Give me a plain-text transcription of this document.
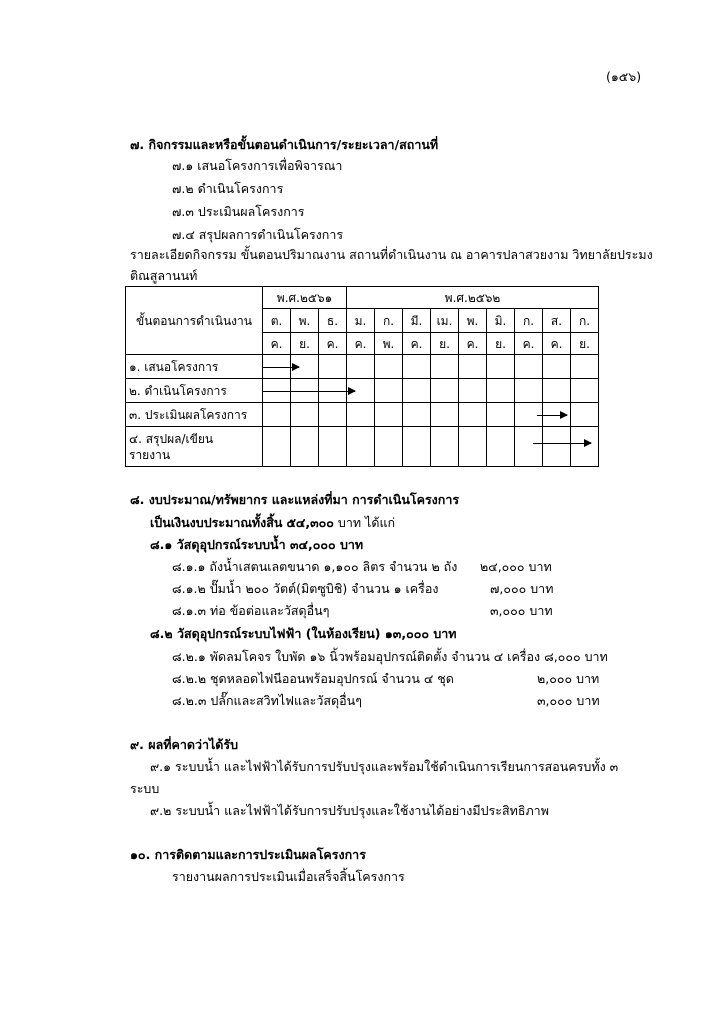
(๑๕๖)
๗. กิจกรรมและหรือขั้นตอนดำเนินการ/ระยะเวลา/สถานที่
๗.๑ เสนอโครงการเพื่อพิจารณา
๗.๒ ดำเนินโครงการ
๗.๓ ประเมินผลโครงการ
๗.๔ สรุปผลการดำเนินโครงการ
รายละเอียดกิจกรรม ขั้นตอนปริมาณงาน สถานที่ดำเนินงาน ณ อาคารปลาสวยงาม วิทยาลัยประมง
ติณสูลานนท์
ขั้นตอนการดำเนินงาน	พ.ศ.๒๕๖๑			พ.ศ.๒๕๖๒								
	ต.	พ.	ธ.	ม.	ก.	มี.	เม.	พ.	มิ.	ก.	ส.	ก.
	ค.	ย.	ค.	ค.	พ.	ค.	ย.	ค.	ย.	ค.	ค.	ย.
๑. เสนอโครงการ	

๒. ดำเนินโครงการ	

๓. ประเมินผลโครงการ											

๔. สรุปผล/เขียน
รายงาน												

๘. งบประมาณ/ทรัพยากร และแหล่งที่มา การดำเนินโครงการ
เป็นเงินงบประมาณทั้งสิ้น ๕๔,๓๐๐ บาท ได้แก่
๘.๑ วัสดุอุปกรณ์ระบบน้ำ ๓๔,๐๐๐ บาท
๘.๑.๑ ถังน้ำเสตนเลตขนาด ๑,๑๐๐ ลิตร จำนวน ๒ ถัง ๒๔,๐๐๐ บาท
๘.๑.๒ ปั๊มน้ำ ๒๐๐ วัตต์(มิตซูบิชิ) จำนวน ๑ เครื่อง	๗,๐๐๐ บาท
๘.๑.๓ ท่อ ข้อต่อและวัสดุอื่นๆ	๓,๐๐๐ บาท
๘.๒ วัสดุอุปกรณ์ระบบไฟฟ้า (ในห้องเรียน) ๑๓,๐๐๐ บาท
๘.๒.๑ พัดลมโคจร ใบพัด ๑๖ นิ้วพร้อมอุปกรณ์ติดตั้ง จำนวน ๔ เครื่อง ๘,๐๐๐ บาท
๘.๒.๒ ชุดหลอดไฟนีออนพร้อมอุปกรณ์ จำนวน ๔ ชุด	๒,๐๐๐ บาท
๘.๒.๓ ปลั๊กและสวิทไฟและวัสดุอื่นๆ	๓,๐๐๐ บาท
๙. ผลที่คาดว่าได้รับ
๙.๑ ระบบน้ำ และไฟฟ้าได้รับการปรับปรุงและพร้อมใช้ดำเนินการเรียนการสอนครบทั้ง ๓
ระบบ
๙.๒ ระบบน้ำ และไฟฟ้าได้รับการปรับปรุงและใช้งานได้อย่างมีประสิทธิภาพ
๑๐. การติดตามและการประเมินผลโครงการ
รายงานผลการประเมินเมื่อเสร็จสิ้นโครงการ
